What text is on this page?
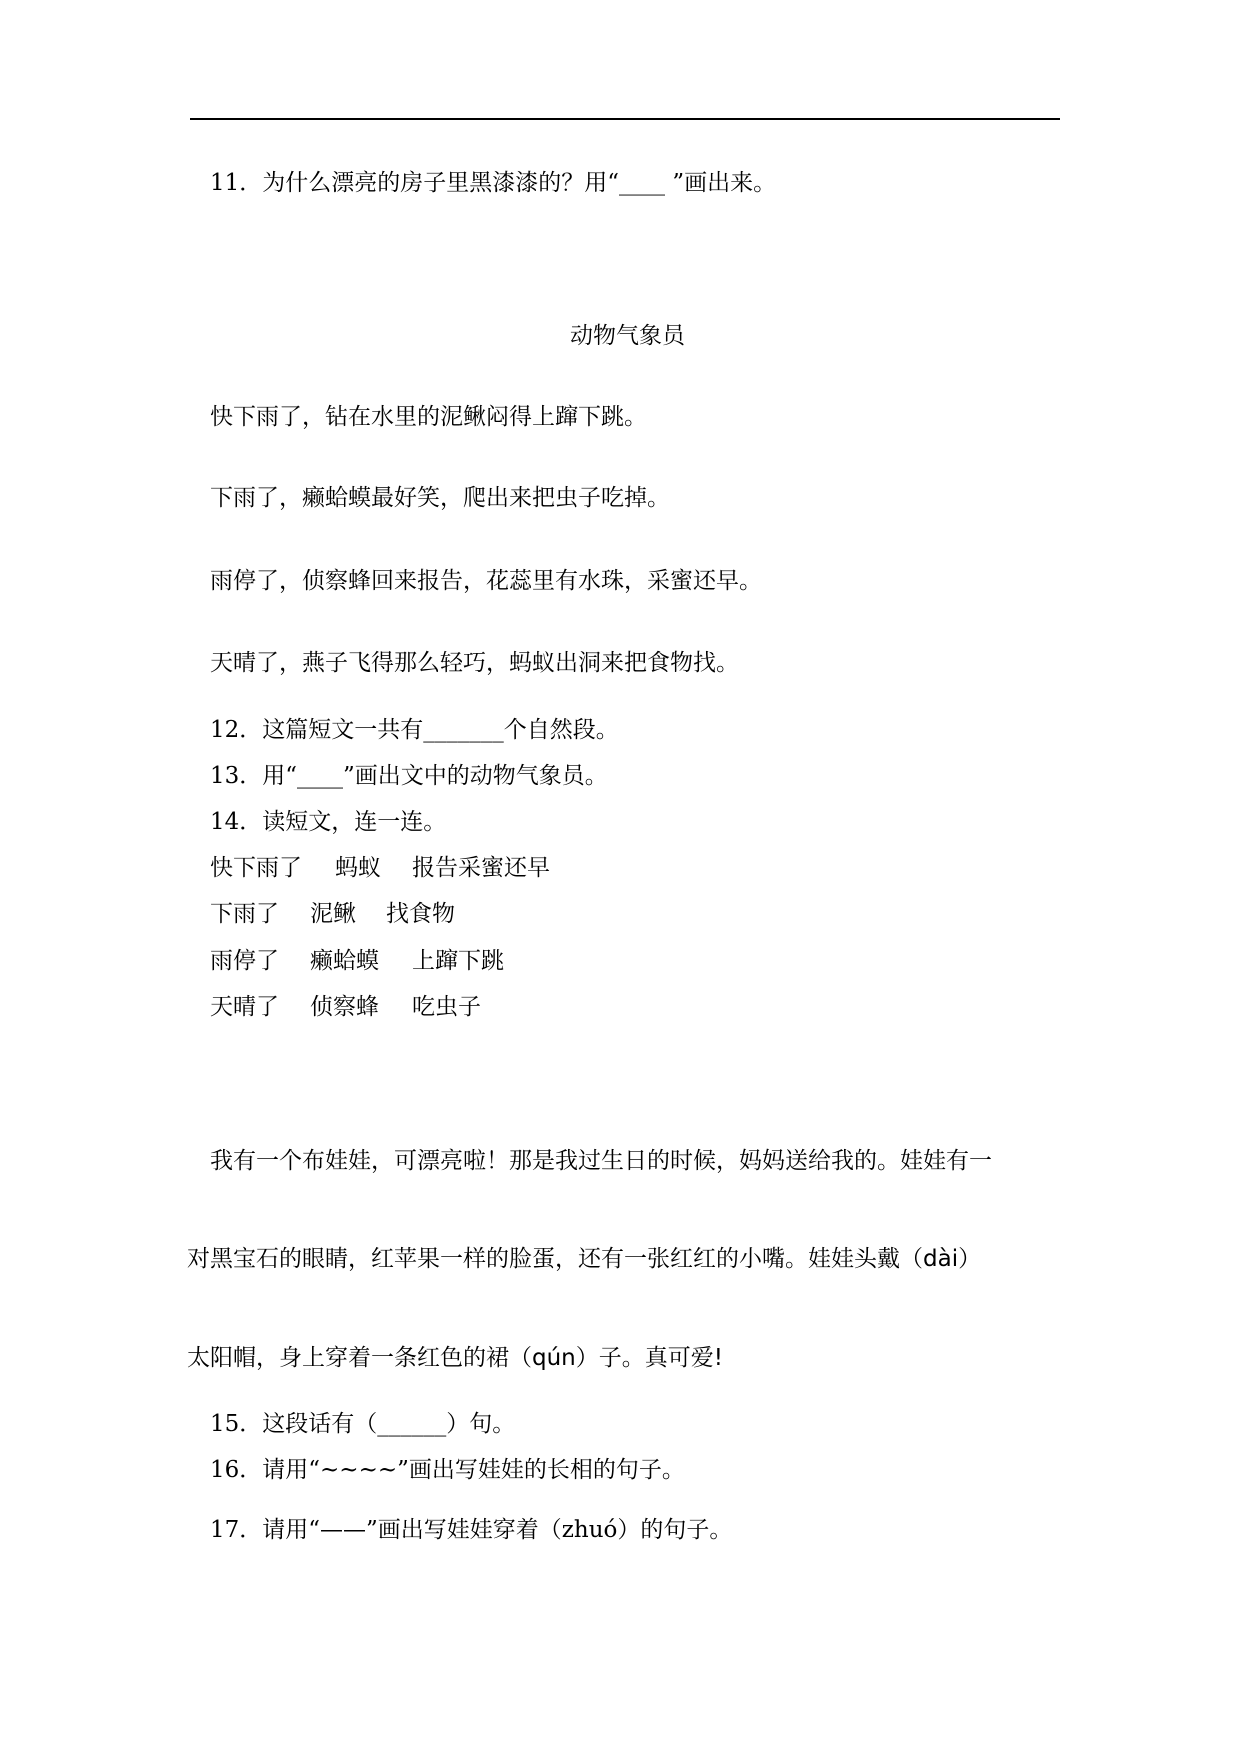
11．为什么漂亮的房子里黑漆漆的？用“____ ”画出来。
动物气象员
快下雨了，钻在水里的泥鳅闷得上蹿下跳。
下雨了，癞蛤蟆最好笑，爬出来把虫子吃掉。
雨停了，侦察蜂回来报告，花蕊里有水珠，采蜜还早。
天晴了，燕子飞得那么轻巧，蚂蚁出洞来把食物找。
12．这篇短文一共有_______个自然段。
13．用“____”画出文中的动物气象员。
14．读短文，连一连。
快下雨了 蚂蚁 报告采蜜还早
下雨了 泥鳅 找食物
雨停了 癞蛤蟆 上蹿下跳
天晴了 侦察蜂 吃虫子
我有一个布娃娃，可漂亮啦！那是我过生日的时候，妈妈送给我的。娃娃有一
对黑宝石的眼睛，红苹果一样的脸蛋，还有一张红红的小嘴。娃娃头戴（dài）
太阳帽，身上穿着一条红色的裙（qún）子。真可爱!
15．这段话有（______）句。
16．请用“~~~~”画出写娃娃的长相的句子。
17．请用“——”画出写娃娃穿着（zhuó）的句子。
